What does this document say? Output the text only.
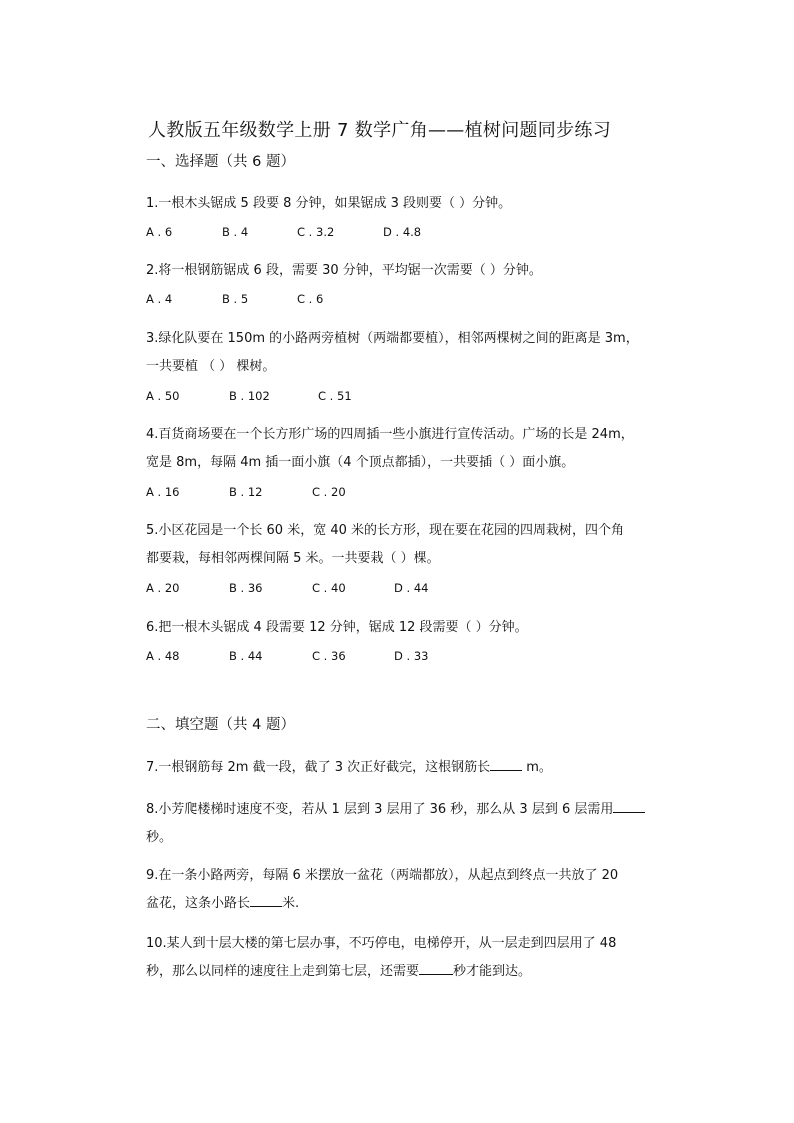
人教版五年级数学上册 7 数学广角——植树问题同步练习
一、选择题（共 6 题）
1.一根木头锯成 5 段要 8 分钟，如果锯成 3 段则要（ ）分钟。
A . 6	B . 4	C . 3.2	D . 4.8
2.将一根钢筋锯成 6 段，需要 30 分钟，平均锯一次需要（ ）分钟。
A . 4	B . 5	C . 6
3.绿化队要在 150m 的小路两旁植树（两端都要植），相邻两棵树之间的距离是 3m，
一共要植 （ ） 棵树。
A . 50	B . 102	C . 51
4.百货商场要在一个长方形广场的四周插一些小旗进行宣传活动。广场的长是 24m，
宽是 8m，每隔 4m 插一面小旗（4 个顶点都插），一共要插（ ）面小旗。
A . 16	B . 12	C . 20
5.小区花园是一个长 60 米，宽 40 米的长方形，现在要在花园的四周栽树，四个角
都要栽，每相邻两棵间隔 5 米。一共要栽（ ）棵。
A . 20	B . 36	C . 40	D . 44
6.把一根木头锯成 4 段需要 12 分钟，锯成 12 段需要（ ）分钟。
A . 48	B . 44	C . 36	D . 33
二、填空题（共 4 题）
7.一根钢筋每 2m 截一段，截了 3 次正好截完，这根钢筋长 m。
8.小芳爬楼梯时速度不变，若从 1 层到 3 层用了 36 秒，那么从 3 层到 6 层需用
秒。
9.在一条小路两旁，每隔 6 米摆放一盆花（两端都放），从起点到终点一共放了 20
盆花，这条小路长 米.
10.某人到十层大楼的第七层办事，不巧停电，电梯停开，从一层走到四层用了 48
秒，那么以同样的速度往上走到第七层，还需要	秒才能到达。
